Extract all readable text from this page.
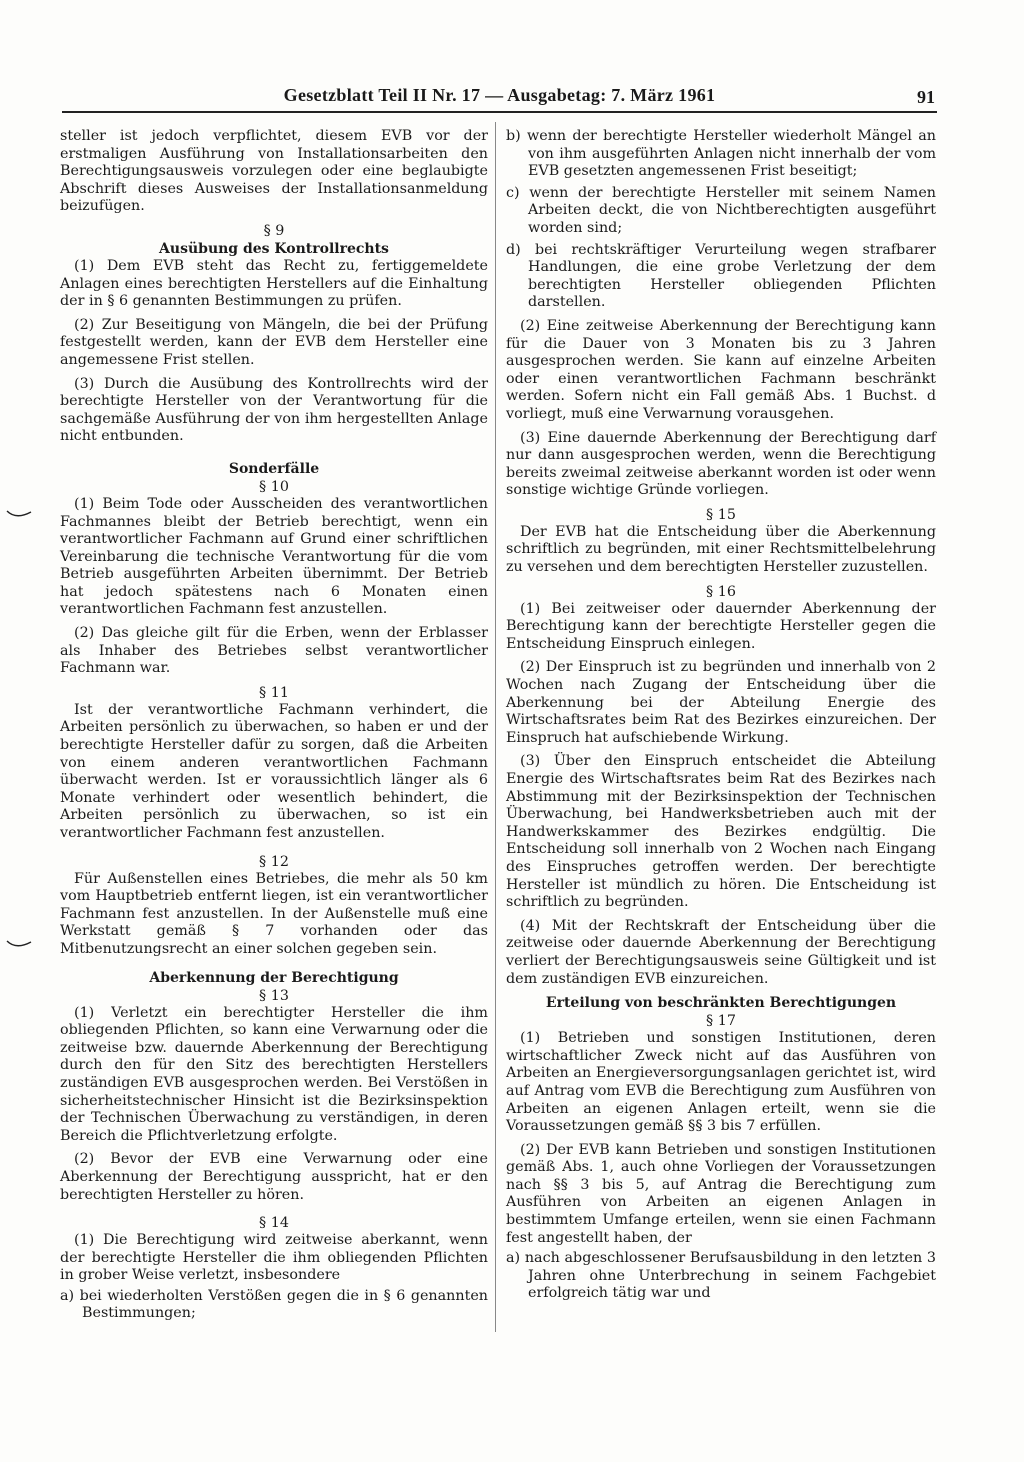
Gesetzblatt Teil II Nr. 17 — Ausgabetag: 7. März 1961	91

steller ist jedoch verpflichtet, diesem EVB vor der erstmaligen Ausführung von Installationsarbeiten den Berechtigungsausweis vorzulegen oder eine beglaubigte Abschrift dieses Ausweises der Installationsanmeldung beizufügen.

§ 9
Ausübung des Kontrollrechts

(1) Dem EVB steht das Recht zu, fertiggemeldete Anlagen eines berechtigten Herstellers auf die Einhaltung der in § 6 genannten Bestimmungen zu prüfen.

(2) Zur Beseitigung von Mängeln, die bei der Prüfung festgestellt werden, kann der EVB dem Hersteller eine angemessene Frist stellen.

(3) Durch die Ausübung des Kontrollrechts wird der berechtigte Hersteller von der Verantwortung für die sachgemäße Ausführung der von ihm hergestellten Anlage nicht entbunden.

Sonderfälle
§ 10

(1) Beim Tode oder Ausscheiden des verantwortlichen Fachmannes bleibt der Betrieb berechtigt, wenn ein verantwortlicher Fachmann auf Grund einer schriftlichen Vereinbarung die technische Verantwortung für die vom Betrieb ausgeführten Arbeiten übernimmt. Der Betrieb hat jedoch spätestens nach 6 Monaten einen verantwortlichen Fachmann fest anzustellen.

(2) Das gleiche gilt für die Erben, wenn der Erblasser als Inhaber des Betriebes selbst verantwortlicher Fachmann war.

§ 11

Ist der verantwortliche Fachmann verhindert, die Arbeiten persönlich zu überwachen, so haben er und der berechtigte Hersteller dafür zu sorgen, daß die Arbeiten von einem anderen verantwortlichen Fachmann überwacht werden. Ist er voraussichtlich länger als 6 Monate verhindert oder wesentlich behindert, die Arbeiten persönlich zu überwachen, so ist ein verantwortlicher Fachmann fest anzustellen.

§ 12

Für Außenstellen eines Betriebes, die mehr als 50 km vom Hauptbetrieb entfernt liegen, ist ein verantwortlicher Fachmann fest anzustellen. In der Außenstelle muß eine Werkstatt gemäß § 7 vorhanden oder das Mitbenutzungsrecht an einer solchen gegeben sein.

Aberkennung der Berechtigung
§ 13

(1) Verletzt ein berechtigter Hersteller die ihm obliegenden Pflichten, so kann eine Verwarnung oder die zeitweise bzw. dauernde Aberkennung der Berechtigung durch den für den Sitz des berechtigten Herstellers zuständigen EVB ausgesprochen werden. Bei Verstößen in sicherheitstechnischer Hinsicht ist die Bezirksinspektion der Technischen Überwachung zu verständigen, in deren Bereich die Pflichtverletzung erfolgte.

(2) Bevor der EVB eine Verwarnung oder eine Aberkennung der Berechtigung ausspricht, hat er den berechtigten Hersteller zu hören.

§ 14

(1) Die Berechtigung wird zeitweise aberkannt, wenn der berechtigte Hersteller die ihm obliegenden Pflichten in grober Weise verletzt, insbesondere

a) bei wiederholten Verstößen gegen die in § 6 genannten Bestimmungen;
b) wenn der berechtigte Hersteller wiederholt Mängel an von ihm ausgeführten Anlagen nicht innerhalb der vom EVB gesetzten angemessenen Frist beseitigt;
c) wenn der berechtigte Hersteller mit seinem Namen Arbeiten deckt, die von Nichtberechtigten ausgeführt worden sind;
d) bei rechtskräftiger Verurteilung wegen strafbarer Handlungen, die eine grobe Verletzung der dem berechtigten Hersteller obliegenden Pflichten darstellen.

(2) Eine zeitweise Aberkennung der Berechtigung kann für die Dauer von 3 Monaten bis zu 3 Jahren ausgesprochen werden. Sie kann auf einzelne Arbeiten oder einen verantwortlichen Fachmann beschränkt werden. Sofern nicht ein Fall gemäß Abs. 1 Buchst. d vorliegt, muß eine Verwarnung vorausgehen.

(3) Eine dauernde Aberkennung der Berechtigung darf nur dann ausgesprochen werden, wenn die Berechtigung bereits zweimal zeitweise aberkannt worden ist oder wenn sonstige wichtige Gründe vorliegen.

§ 15

Der EVB hat die Entscheidung über die Aberkennung schriftlich zu begründen, mit einer Rechtsmittelbelehrung zu versehen und dem berechtigten Hersteller zuzustellen.

§ 16

(1) Bei zeitweiser oder dauernder Aberkennung der Berechtigung kann der berechtigte Hersteller gegen die Entscheidung Einspruch einlegen.

(2) Der Einspruch ist zu begründen und innerhalb von 2 Wochen nach Zugang der Entscheidung über die Aberkennung bei der Abteilung Energie des Wirtschaftsrates beim Rat des Bezirkes einzureichen. Der Einspruch hat aufschiebende Wirkung.

(3) Über den Einspruch entscheidet die Abteilung Energie des Wirtschaftsrates beim Rat des Bezirkes nach Abstimmung mit der Bezirksinspektion der Technischen Überwachung, bei Handwerksbetrieben auch mit der Handwerkskammer des Bezirkes endgültig. Die Entscheidung soll innerhalb von 2 Wochen nach Eingang des Einspruches getroffen werden. Der berechtigte Hersteller ist mündlich zu hören. Die Entscheidung ist schriftlich zu begründen.

(4) Mit der Rechtskraft der Entscheidung über die zeitweise oder dauernde Aberkennung der Berechtigung verliert der Berechtigungsausweis seine Gültigkeit und ist dem zuständigen EVB einzureichen.

Erteilung von beschränkten Berechtigungen
§ 17

(1) Betrieben und sonstigen Institutionen, deren wirtschaftlicher Zweck nicht auf das Ausführen von Arbeiten an Energieversorgungsanlagen gerichtet ist, wird auf Antrag vom EVB die Berechtigung zum Ausführen von Arbeiten an eigenen Anlagen erteilt, wenn sie die Voraussetzungen gemäß §§ 3 bis 7 erfüllen.

(2) Der EVB kann Betrieben und sonstigen Institutionen gemäß Abs. 1, auch ohne Vorliegen der Voraussetzungen nach §§ 3 bis 5, auf Antrag die Berechtigung zum Ausführen von Arbeiten an eigenen Anlagen in bestimmtem Umfange erteilen, wenn sie einen Fachmann fest angestellt haben, der

a) nach abgeschlossener Berufsausbildung in den letzten 3 Jahren ohne Unterbrechung in seinem Fachgebiet erfolgreich tätig war und
